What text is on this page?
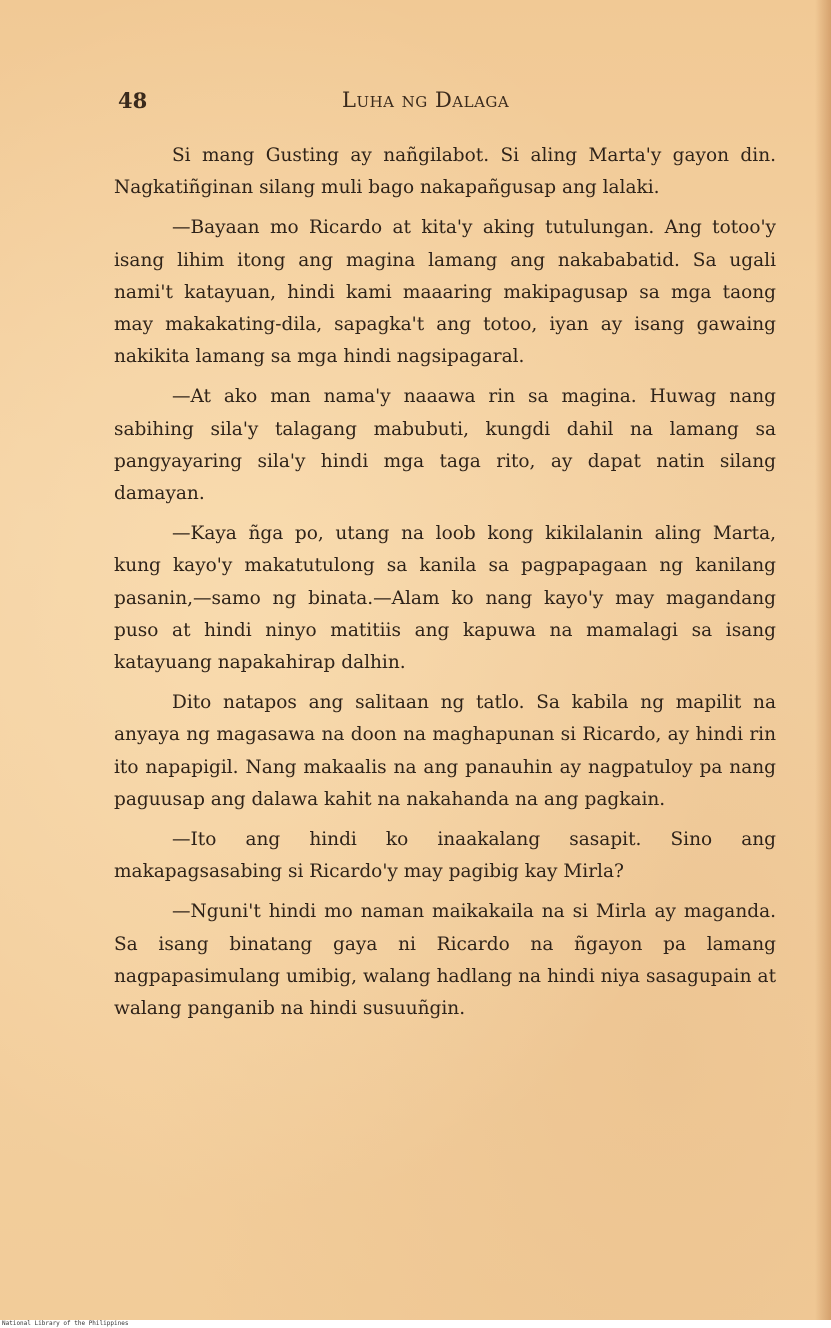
48	Luha ng Dalaga

Si mang Gusting ay nañgilabot. Si aling Marta'y gayon din. Nagkatiñginan silang muli bago nakapañgusap ang lalaki.

—Bayaan mo Ricardo at kita'y aking tutulungan. Ang totoo'y isang lihim itong ang magina lamang ang nakababatid. Sa ugali nami't katayuan, hindi kami maaaring makipagusap sa mga taong may makakating-dila, sapagka't ang totoo, iyan ay isang gawaing nakikita lamang sa mga hindi nagsipagaral.

—At ako man nama'y naaawa rin sa magina. Huwag nang sabihing sila'y talagang mabubuti, kungdi dahil na lamang sa pangyayaring sila'y hindi mga taga rito, ay dapat natin silang damayan.

—Kaya ñga po, utang na loob kong kikilalanin aling Marta, kung kayo'y makatutulong sa kanila sa pagpapagaan ng kanilang pasanin,—samo ng binata.—Alam ko nang kayo'y may magandang puso at hindi ninyo matitiis ang kapuwa na mamalagi sa isang katayuang napakahirap dalhin.

Dito natapos ang salitaan ng tatlo. Sa kabila ng mapilit na anyaya ng magasawa na doon na maghapunan si Ricardo, ay hindi rin ito napapigil. Nang makaalis na ang panauhin ay nagpatuloy pa nang paguusap ang dalawa kahit na nakahanda na ang pagkain.

—Ito ang hindi ko inaakalang sasapit. Sino ang makapagsasabing si Ricardo'y may pagibig kay Mirla?

—Nguni't hindi mo naman maikakaila na si Mirla ay maganda. Sa isang binatang gaya ni Ricardo na ñgayon pa lamang nagpapasimulang umibig, walang hadlang na hindi niya sasagupain at walang panganib na hindi susuuñgin.

National Library of the Philippines
